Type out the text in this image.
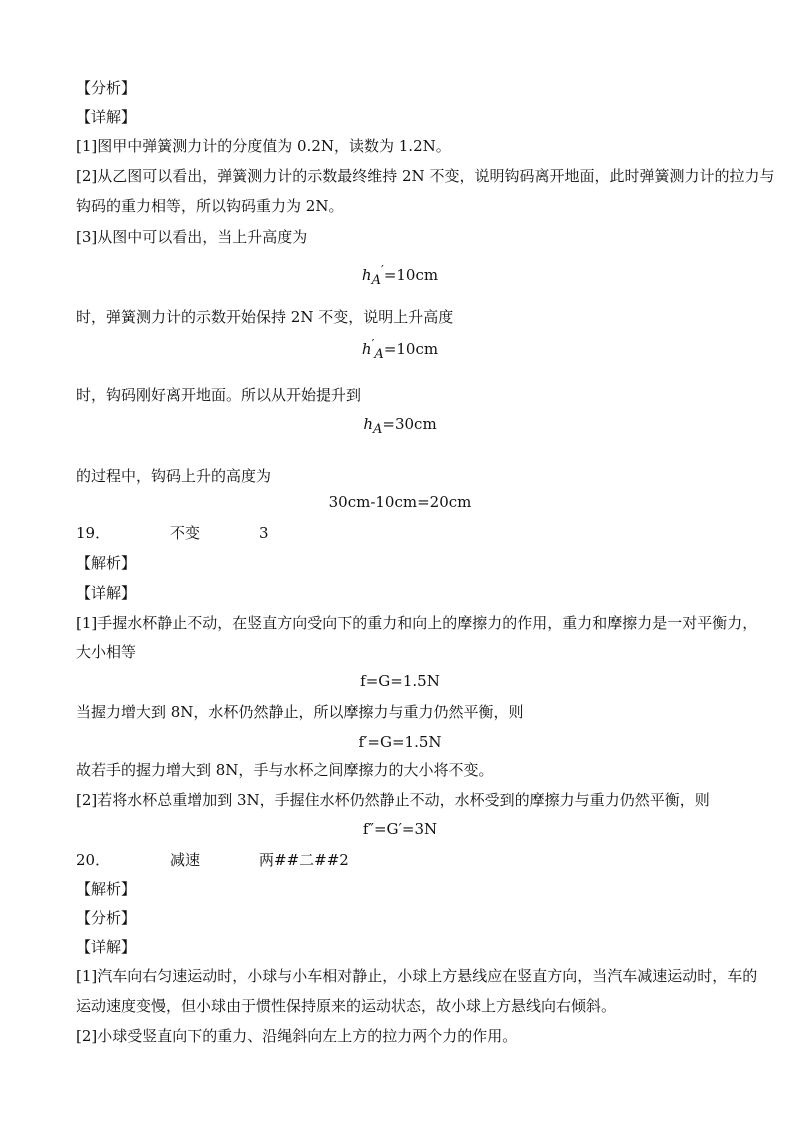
【分析】
【详解】
[1]图甲中弹簧测力计的分度值为 0.2N，读数为 1.2N。
[2]从乙图可以看出，弹簧测力计的示数最终维持 2N 不变，说明钩码离开地面，此时弹簧测力计的拉力与
钩码的重力相等，所以钩码重力为 2N。
[3]从图中可以看出，当上升高度为
$h_A'=10cm$
时，弹簧测力计的示数开始保持 2N 不变，说明上升高度
$h'_A=10cm$
时，钩码刚好离开地面。所以从开始提升到
$h_A=30cm$
的过程中，钩码上升的高度为
30cm-10cm=20cm
19．	不变	3
【解析】
【详解】
[1]手握水杯静止不动，在竖直方向受向下的重力和向上的摩擦力的作用，重力和摩擦力是一对平衡力，
大小相等
f=G=1.5N
当握力增大到 8N，水杯仍然静止，所以摩擦力与重力仍然平衡，则
f′=G=1.5N
故若手的握力增大到 8N，手与水杯之间摩擦力的大小将不变。
[2]若将水杯总重增加到 3N，手握住水杯仍然静止不动，水杯受到的摩擦力与重力仍然平衡，则
f″=G′=3N
20．	减速	两##二##2
【解析】
【分析】
【详解】
[1]汽车向右匀速运动时，小球与小车相对静止，小球上方悬线应在竖直方向，当汽车减速运动时，车的
运动速度变慢，但小球由于惯性保持原来的运动状态，故小球上方悬线向右倾斜。
[2]小球受竖直向下的重力、沿绳斜向左上方的拉力两个力的作用。
